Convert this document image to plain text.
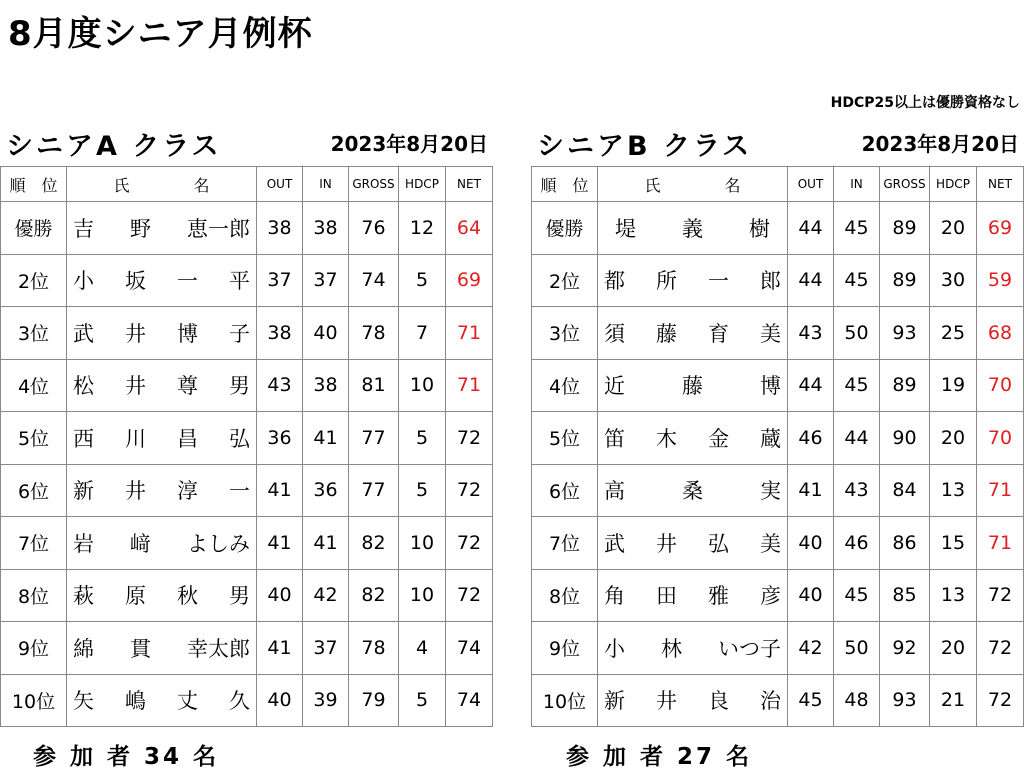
8月度シニア月例杯
HDCP25以上は優勝資格なし
シニアA クラス	2023年8月20日
順　位	氏　　　　名	OUT	IN	GROSS	HDCP	NET
優勝	吉 野 恵一郎	38	38	76	12	64
2位	小 坂 一 平	37	37	74	5	69
3位	武 井 博 子	38	40	78	7	71
4位	松 井 尊 男	43	38	81	10	71
5位	西 川 昌 弘	36	41	77	5	72
6位	新 井 淳 一	41	36	77	5	72
7位	岩 﨑 よしみ	41	41	82	10	72
8位	萩 原 秋 男	40	42	82	10	72
9位	綿 貫 幸太郎	41	37	78	4	74
10位	矢 嶋 丈 久	40	39	79	5	74
シニアB クラス	2023年8月20日
順　位	氏　　　　名	OUT	IN	GROSS	HDCP	NET
優勝	堤 義 樹	44	45	89	20	69
2位	都 所 一 郎	44	45	89	30	59
3位	須 藤 育 美	43	50	93	25	68
4位	近 藤 博	44	45	89	19	70
5位	笛 木 金 蔵	46	44	90	20	70
6位	高 桑 実	41	43	84	13	71
7位	武 井 弘 美	40	46	86	15	71
8位	角 田 雅 彦	40	45	85	13	72
9位	小 林 いつ子	42	50	92	20	72
10位	新 井 良 治	45	48	93	21	72
参 加 者 34 名	参 加 者 27 名
